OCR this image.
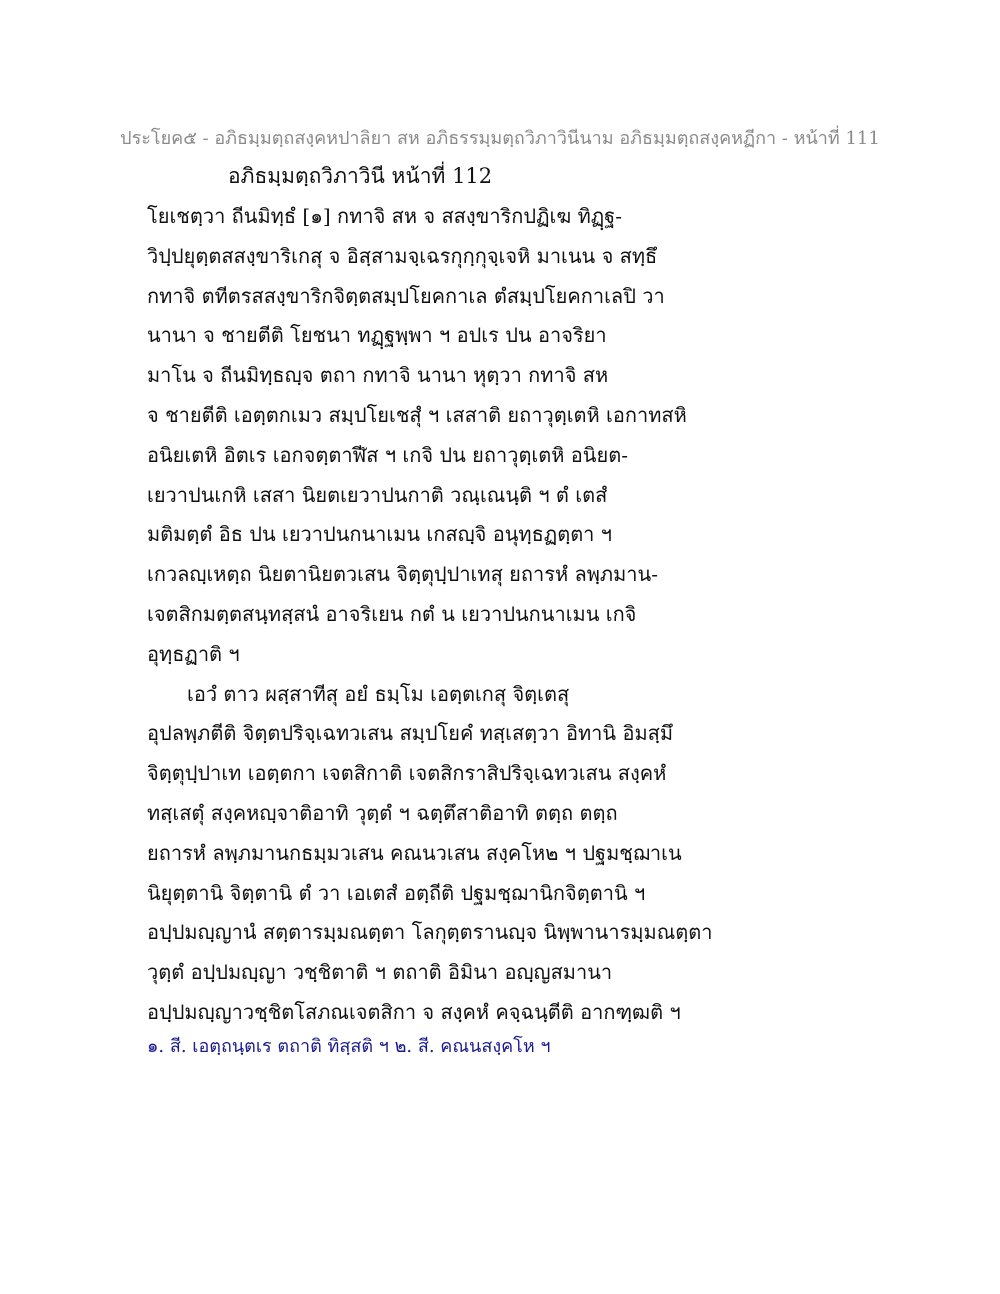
ประโยค๕ - อภิธมฺมตฺถสงฺคหปาลิยา สห อภิธรรมฺมตฺถวิภาวินีนาม อภิธมฺมตฺถสงฺคหฏีกา - หน้าที่ 111
อภิธมฺมตฺถวิภาวินี หน้าที่ 112
โยเชตฺวา ถีนมิทฺธํ [๑] กทาจิ สห จ สสงฺขาริกปฏิเฆ ทิฏฺฐ-
วิปฺปยุตฺตสสงฺขาริเกสุ จ อิสฺสามจฺเฉรกุกฺกุจฺเจหิ มาเนน จ สทฺธึ
กทาจิ ตทีตรสสงฺขาริกจิตฺตสมฺปโยคกาเล ตํสมฺปโยคกาเลปิ วา
นานา จ ชายตีติ โยชนา ทฏฺฐพฺพา ฯ อปเร ปน อาจริยา
มาโน จ ถีนมิทฺธญฺจ ตถา กทาจิ นานา หุตฺวา กทาจิ สห
จ ชายตีติ เอตฺตกเมว สมฺปโยเชสุํ ฯ เสสาติ ยถาวุตฺเตหิ เอกาทสหิ
อนิยเตหิ อิตเร เอกจตฺตาฬีส ฯ เกจิ ปน ยถาวุตฺเตหิ อนิยต-
เยวาปนเกหิ เสสา นิยตเยวาปนกาติ วณฺเณนฺติ ฯ ตํ เตสํ
มติมตฺตํ อิธ ปน เยวาปนกนาเมน เกสญฺจิ อนุทฺธฏตฺตา ฯ
เกวลญฺเหตฺถ นิยตานิยตวเสน จิตฺตุปฺปาเทสุ ยถารหํ ลพฺภมาน-
เจตสิกมตฺตสนฺทสฺสนํ อาจริเยน กตํ น เยวาปนกนาเมน เกจิ
อุทฺธฏาติ ฯ
เอวํ ตาว ผสฺสาทีสุ อยํ ธมฺโม เอตฺตเกสุ จิตฺเตสุ
อุปลพฺภตีติ จิตฺตปริจฺเฉทวเสน สมฺปโยคํ ทสฺเสตฺวา อิทานิ อิมสฺมึ
จิตฺตุปฺปาเท เอตฺตกา เจตสิกาติ เจตสิกราสิปริจฺเฉทวเสน สงฺคหํ
ทสฺเสตุํ สงฺคหญฺจาติอาทิ วุตฺตํ ฯ ฉตฺตึสาติอาทิ ตตฺถ ตตฺถ
ยถารหํ ลพฺภมานกธมฺมวเสน คณนวเสน สงฺคโห๒ ฯ ปฐมชฺฌาเน
นิยุตฺตานิ จิตฺตานิ ตํ วา เอเตสํ อตฺถีติ ปฐมชฺฌานิกจิตฺตานิ ฯ
อปฺปมญฺญานํ สตฺตารมฺมณตฺตา โลกุตฺตรานญฺจ นิพฺพานารมฺมณตฺตา
วุตฺตํ อปฺปมญฺญา วชฺชิตาติ ฯ ตถาติ อิมินา อญฺญสมานา
อปฺปมญฺญาวชฺชิตโสภณเจตสิกา จ สงฺคหํ คจฺฉนฺตีติ อากฑฺฒติ ฯ
๑. สี. เอตฺถนฺตเร ตถาติ ทิสฺสติ ฯ ๒. สี. คณนสงฺคโห ฯ
